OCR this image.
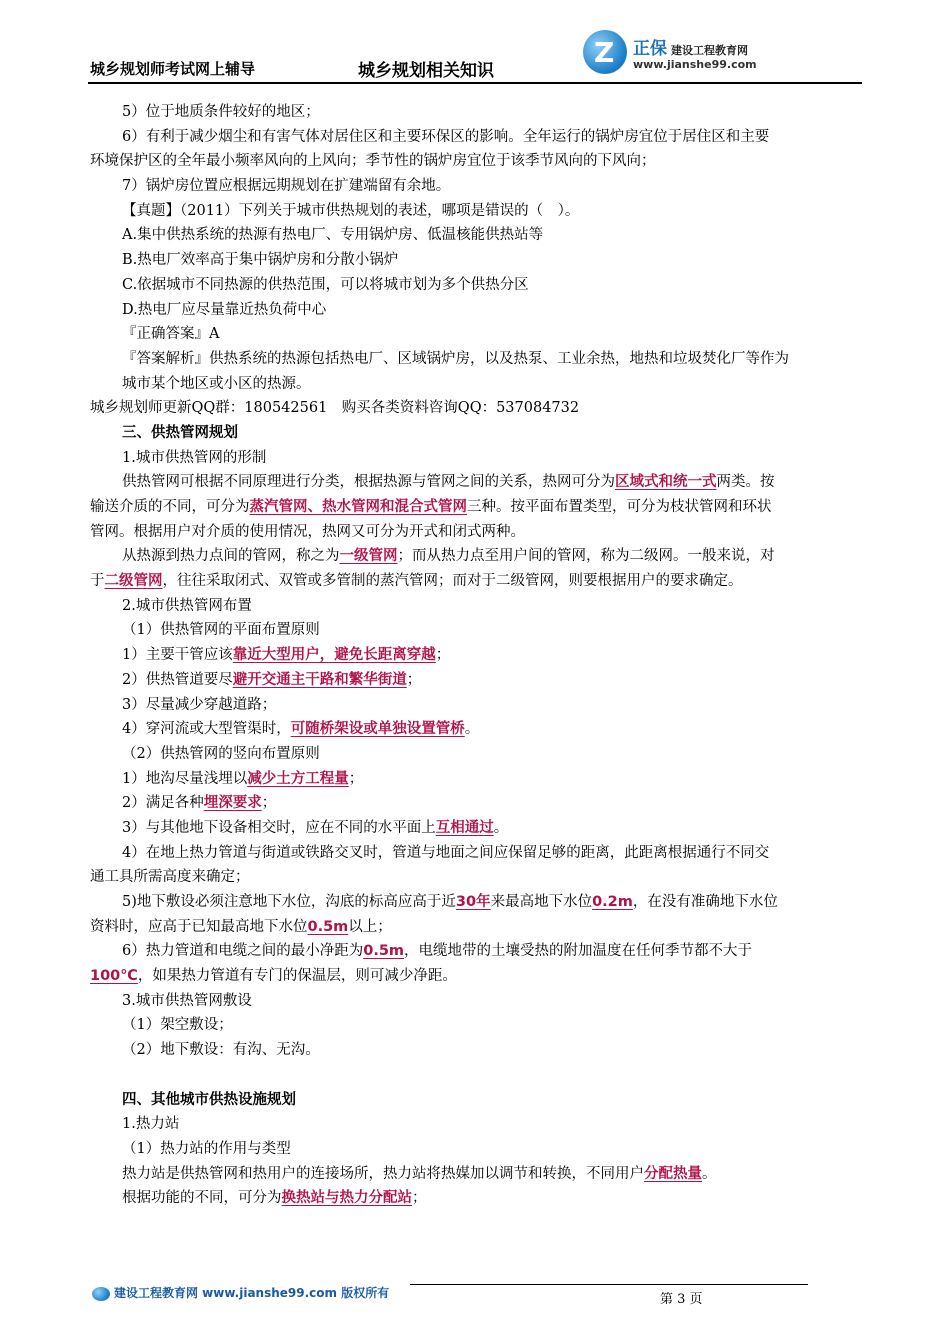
城乡规划师考试网上辅导	城乡规划相关知识
Z 正保 建设工程教育网
www.jianshe99.com
5）位于地质条件较好的地区；
6）有利于减少烟尘和有害气体对居住区和主要环保区的影响。全年运行的锅炉房宜位于居住区和主要
环境保护区的全年最小频率风向的上风向；季节性的锅炉房宜位于该季节风向的下风向；
7）锅炉房位置应根据远期规划在扩建端留有余地。
【真题】（2011）下列关于城市供热规划的表述，哪项是错误的（　）。
A.集中供热系统的热源有热电厂、专用锅炉房、低温核能供热站等
B.热电厂效率高于集中锅炉房和分散小锅炉
C.依据城市不同热源的供热范围，可以将城市划为多个供热分区
D.热电厂应尽量靠近热负荷中心
『正确答案』A
『答案解析』供热系统的热源包括热电厂、区域锅炉房，以及热泵、工业余热，地热和垃圾焚化厂等作为
城市某个地区或小区的热源。
城乡规划师更新QQ群：180542561　购买各类资料咨询QQ：537084732
三、供热管网规划
1.城市供热管网的形制
供热管网可根据不同原理进行分类，根据热源与管网之间的关系，热网可分为区域式和统一式两类。按
输送介质的不同，可分为蒸汽管网、热水管网和混合式管网三种。按平面布置类型，可分为枝状管网和环状
管网。根据用户对介质的使用情况，热网又可分为开式和闭式两种。
从热源到热力点间的管网，称之为一级管网；而从热力点至用户间的管网，称为二级网。一般来说，对
于二级管网，往往采取闭式、双管或多管制的蒸汽管网；而对于二级管网，则要根据用户的要求确定。
2.城市供热管网布置
（1）供热管网的平面布置原则
1）主要干管应该靠近大型用户，避免长距离穿越；
2）供热管道要尽避开交通主干路和繁华街道；
3）尽量减少穿越道路；
4）穿河流或大型管渠时，可随桥架设或单独设置管桥。
（2）供热管网的竖向布置原则
1）地沟尽量浅埋以减少土方工程量；
2）满足各种埋深要求；
3）与其他地下设备相交时，应在不同的水平面上互相通过。
4）在地上热力管道与街道或铁路交叉时，管道与地面之间应保留足够的距离，此距离根据通行不同交
通工具所需高度来确定；
5)地下敷设必须注意地下水位，沟底的标高应高于近30年来最高地下水位0.2m，在没有准确地下水位
资料时，应高于已知最高地下水位0.5m以上；
6）热力管道和电缆之间的最小净距为0.5m，电缆地带的土壤受热的附加温度在任何季节都不大于
100℃，如果热力管道有专门的保温层，则可减少净距。
3.城市供热管网敷设
（1）架空敷设；
（2）地下敷设：有沟、无沟。
四、其他城市供热设施规划
1.热力站
（1）热力站的作用与类型
热力站是供热管网和热用户的连接场所，热力站将热媒加以调节和转换，不同用户分配热量。
根据功能的不同，可分为换热站与热力分配站；
建设工程教育网 www.jianshe99.com 版权所有	第 3 页
